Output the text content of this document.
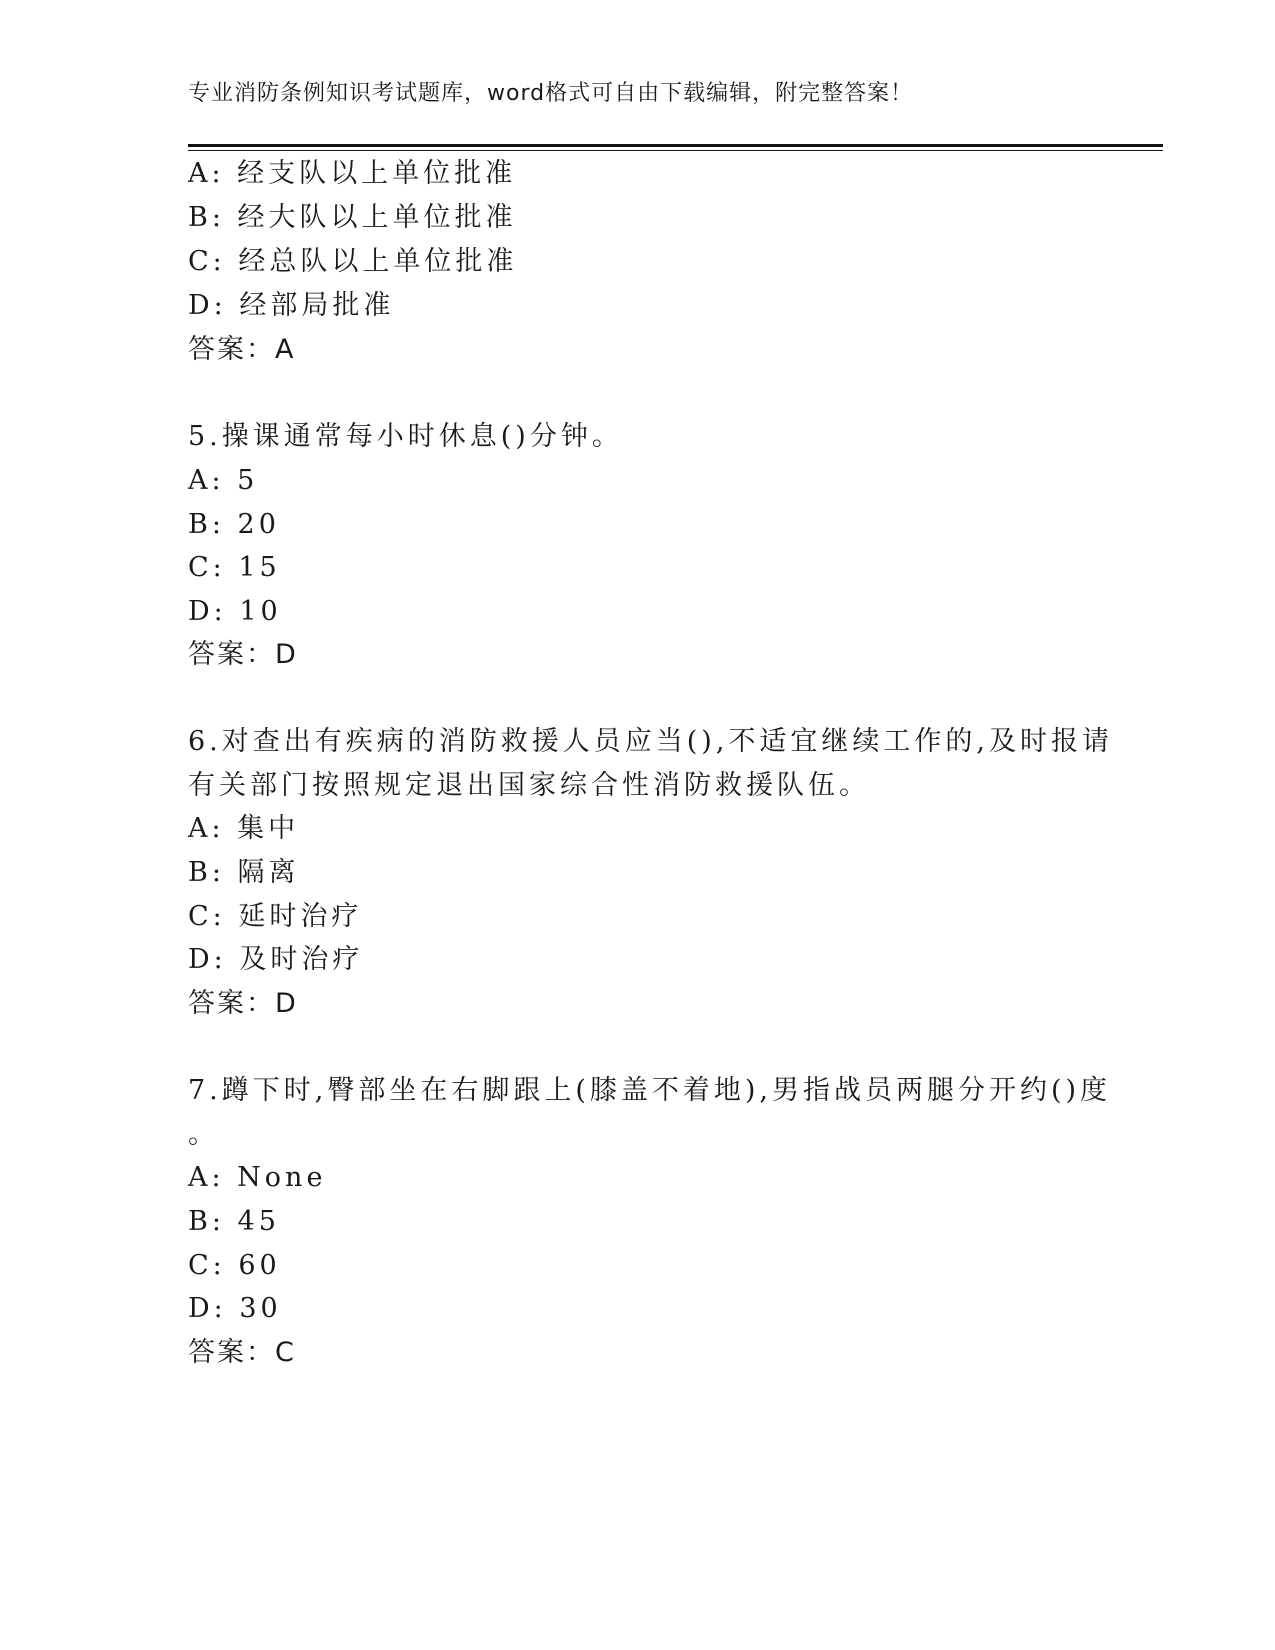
专业消防条例知识考试题库，word格式可自由下载编辑，附完整答案！
A: 经支队以上单位批准
B: 经大队以上单位批准
C: 经总队以上单位批准
D: 经部局批准
答案：A
5.操课通常每小时休息()分钟。
A: 5
B: 20
C: 15
D: 10
答案：D
6.对查出有疾病的消防救援人员应当(),不适宜继续工作的,及时报请
有关部门按照规定退出国家综合性消防救援队伍。
A: 集中
B: 隔离
C: 延时治疗
D: 及时治疗
答案：D
7.蹲下时,臀部坐在右脚跟上(膝盖不着地),男指战员两腿分开约()度
。
A: None
B: 45
C: 60
D: 30
答案：C
